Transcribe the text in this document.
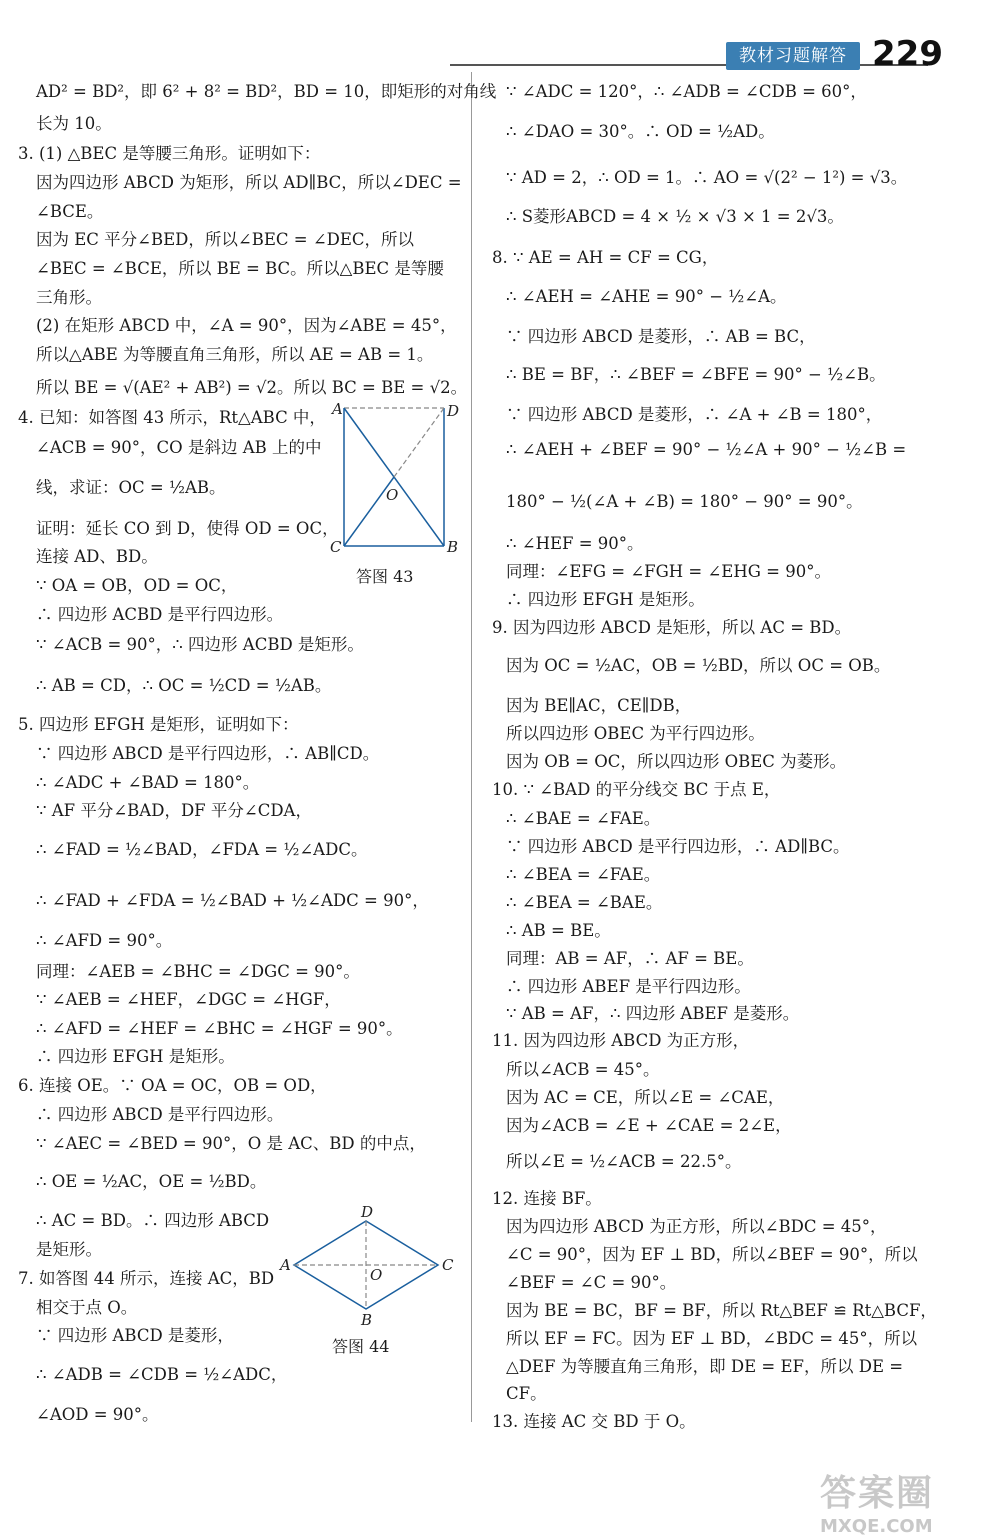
教材习题解答 229
AD² = BD²，即 6² + 8² = BD²，BD = 10，即矩形的对角线
长为 10。
3. (1) △BEC 是等腰三角形。证明如下：
因为四边形 ABCD 为矩形，所以 AD∥BC，所以∠DEC =
∠BCE。
因为 EC 平分∠BED，所以∠BEC = ∠DEC，所以
∠BEC = ∠BCE，所以 BE = BC。所以△BEC 是等腰
三角形。
(2) 在矩形 ABCD 中，∠A = 90°，因为∠ABE = 45°，
所以△ABE 为等腰直角三角形，所以 AE = AB = 1。
所以 BE = √(AE² + AB²) = √2。所以 BC = BE = √2。
4. 已知：如答图 43 所示，Rt△ABC 中，
∠ACB = 90°，CO 是斜边 AB 上的中
线，求证：OC = ½AB。
证明：延长 CO 到 D，使得 OD = OC，
连接 AD、BD。
∵ OA = OB，OD = OC，
∴ 四边形 ACBD 是平行四边形。
∵ ∠ACB = 90°，∴ 四边形 ACBD 是矩形。
∴ AB = CD，∴ OC = ½CD = ½AB。
5. 四边形 EFGH 是矩形，证明如下：
∵ 四边形 ABCD 是平行四边形，∴ AB∥CD。
∴ ∠ADC + ∠BAD = 180°。
∵ AF 平分∠BAD，DF 平分∠CDA，
∴ ∠FAD = ½∠BAD，∠FDA = ½∠ADC。
∴ ∠FAD + ∠FDA = ½∠BAD + ½∠ADC = 90°，
∴ ∠AFD = 90°。
同理：∠AEB = ∠BHC = ∠DGC = 90°。
∵ ∠AEB = ∠HEF，∠DGC = ∠HGF，
∴ ∠AFD = ∠HEF = ∠BHC = ∠HGF = 90°。
∴ 四边形 EFGH 是矩形。
6. 连接 OE。∵ OA = OC，OB = OD，
∴ 四边形 ABCD 是平行四边形。
∵ ∠AEC = ∠BED = 90°，O 是 AC、BD 的中点，
∴ OE = ½AC，OE = ½BD。
∴ AC = BD。∴ 四边形 ABCD
是矩形。
7. 如答图 44 所示，连接 AC，BD
相交于点 O。
∵ 四边形 ABCD 是菱形，
∴ ∠ADB = ∠CDB = ½∠ADC，
∠AOD = 90°。
∵ ∠ADC = 120°，∴ ∠ADB = ∠CDB = 60°，
∴ ∠DAO = 30°。∴ OD = ½AD。
∵ AD = 2，∴ OD = 1。∴ AO = √(2² − 1²) = √3。
∴ S菱形ABCD = 4 × ½ × √3 × 1 = 2√3。
8. ∵ AE = AH = CF = CG，
∴ ∠AEH = ∠AHE = 90° − ½∠A。
∵ 四边形 ABCD 是菱形，∴ AB = BC，
∴ BE = BF，∴ ∠BEF = ∠BFE = 90° − ½∠B。
∵ 四边形 ABCD 是菱形，∴ ∠A + ∠B = 180°，
∴ ∠AEH + ∠BEF = 90° − ½∠A + 90° − ½∠B =
180° − ½(∠A + ∠B) = 180° − 90° = 90°。
∴ ∠HEF = 90°。
同理：∠EFG = ∠FGH = ∠EHG = 90°。
∴ 四边形 EFGH 是矩形。
9. 因为四边形 ABCD 是矩形，所以 AC = BD。
因为 OC = ½AC，OB = ½BD，所以 OC = OB。
因为 BE∥AC，CE∥DB，
所以四边形 OBEC 为平行四边形。
因为 OB = OC，所以四边形 OBEC 为菱形。
10. ∵ ∠BAD 的平分线交 BC 于点 E，
∴ ∠BAE = ∠FAE。
∵ 四边形 ABCD 是平行四边形，∴ AD∥BC。
∴ ∠BEA = ∠FAE。
∴ ∠BEA = ∠BAE。
∴ AB = BE。
同理：AB = AF，∴ AF = BE。
∴ 四边形 ABEF 是平行四边形。
∵ AB = AF，∴ 四边形 ABEF 是菱形。
11. 因为四边形 ABCD 为正方形，
所以∠ACB = 45°。
因为 AC = CE，所以∠E = ∠CAE，
因为∠ACB = ∠E + ∠CAE = 2∠E，
所以∠E = ½∠ACB = 22.5°。
12. 连接 BF。
因为四边形 ABCD 为正方形，所以∠BDC = 45°，
∠C = 90°，因为 EF ⊥ BD，所以∠BEF = 90°，所以
∠BEF = ∠C = 90°。
因为 BE = BC，BF = BF，所以 Rt△BEF ≌ Rt△BCF，
所以 EF = FC。因为 EF ⊥ BD，∠BDC = 45°，所以
△DEF 为等腰直角三角形，即 DE = EF，所以 DE =
CF。
13. 连接 AC 交 BD 于 O。
A	D
C	B
O
答图 43
D
A	C
B
O
答图 44
答案圈
MXQE.COM
